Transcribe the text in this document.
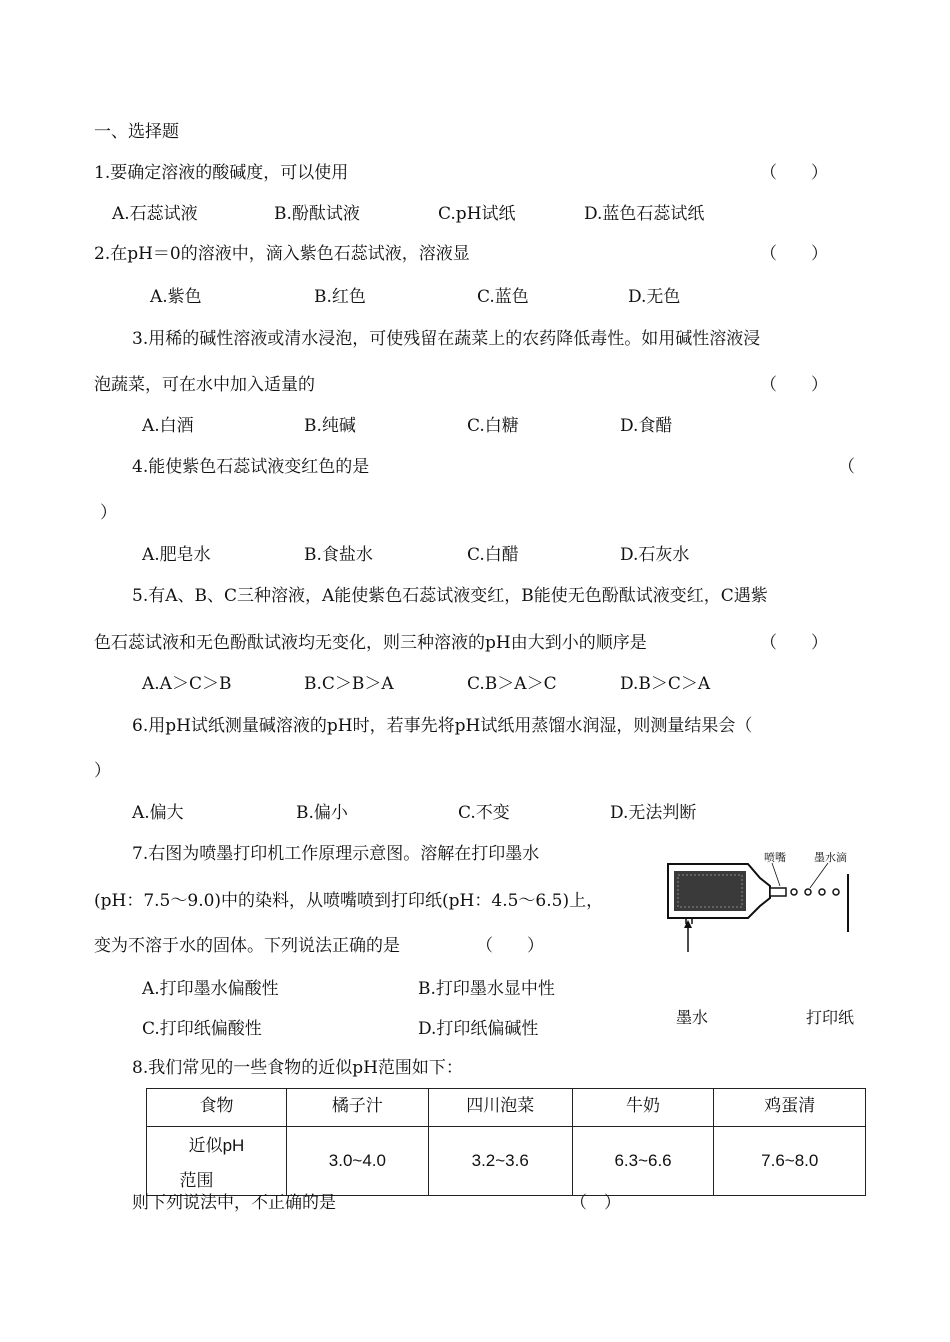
一、选择题
1.要确定溶液的酸碱度，可以使用	（　　）
A.石蕊试液	B.酚酞试液	C.pH试纸	D.蓝色石蕊试纸
2.在pH＝0的溶液中，滴入紫色石蕊试液，溶液显	（　　）
A.紫色	B.红色	C.蓝色	D.无色
3.用稀的碱性溶液或清水浸泡，可使残留在蔬菜上的农药降低毒性。如用碱性溶液浸
泡蔬菜，可在水中加入适量的	（　　）
A.白酒	B.纯碱	C.白糖	D.食醋
4.能使紫色石蕊试液变红色的是	（
）
A.肥皂水	B.食盐水	C.白醋	D.石灰水
5.有A、B、C三种溶液，A能使紫色石蕊试液变红，B能使无色酚酞试液变红，C遇紫
色石蕊试液和无色酚酞试液均无变化，则三种溶液的pH由大到小的顺序是	（　　）
A.A＞C＞B	B.C＞B＞A	C.B＞A＞C	D.B＞C＞A
6.用pH试纸测量碱溶液的pH时，若事先将pH试纸用蒸馏水润湿，则测量结果会（
）
A.偏大	B.偏小	C.不变	D.无法判断
7.右图为喷墨打印机工作原理示意图。溶解在打印墨水
(pH：7.5～9.0)中的染料，从喷嘴喷到打印纸(pH：4.5～6.5)上，
变为不溶于水的固体。下列说法正确的是	（　　）
A.打印墨水偏酸性	B.打印墨水显中性
C.打印纸偏酸性	D.打印纸偏碱性
喷嘴	墨水滴
墨水	打印纸
8.我们常见的一些食物的近似pH范围如下：
食物	橘子汁	四川泡菜	牛奶	鸡蛋清

近似pH
范围	3.0~4.0	3.2~3.6	6.3~6.6	7.6~8.0
则下列说法中，不正确的是	（　）
